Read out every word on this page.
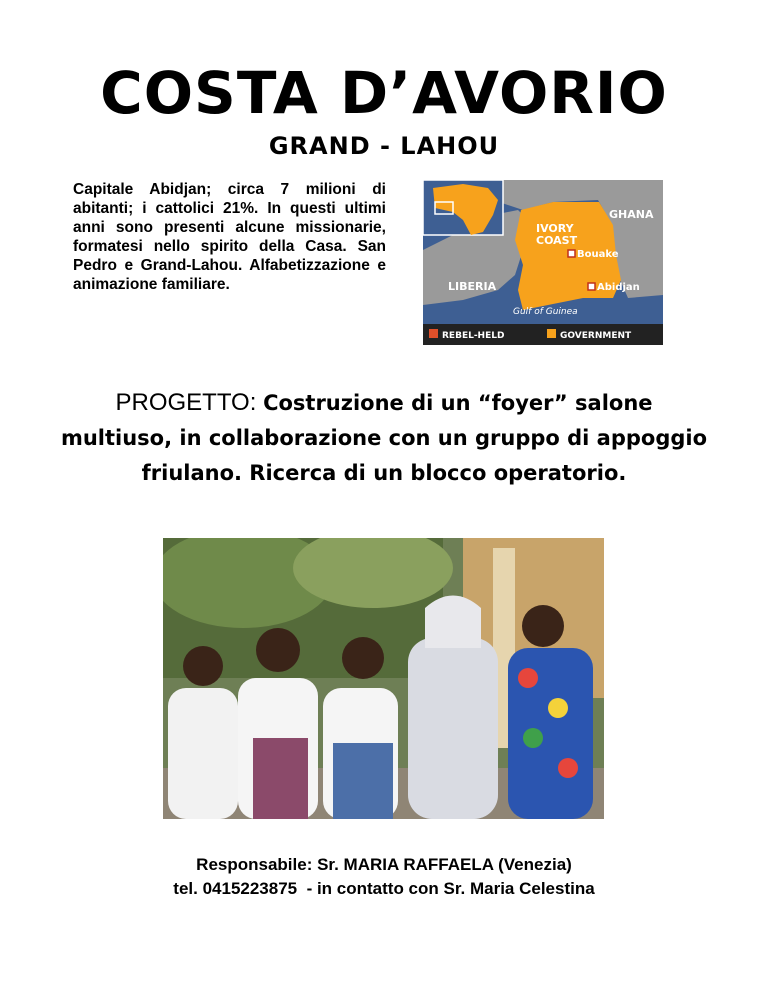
COSTA D’AVORIO
GRAND - LAHOU

Capitale Abidjan; circa 7 milioni di abitanti; i cattolici 21%. In questi ultimi anni sono presenti alcune missionarie, formatesi nello spirito della Casa. San Pedro e Grand-Lahou. Alfabetizzazione e animazione familiare.

IVORY
COAST
GHANA
LIBERIA
Bouake
Abidjan
Gulf of Guinea
REBEL-HELD	GOVERNMENT

PROGETTO: Costruzione di un “foyer” salone multiuso, in collaborazione con un gruppo di appoggio friulano. Ricerca di un blocco operatorio.

Responsabile: Sr. MARIA RAFFAELA (Venezia)
tel. 0415223875  - in contatto con Sr. Maria Celestina
